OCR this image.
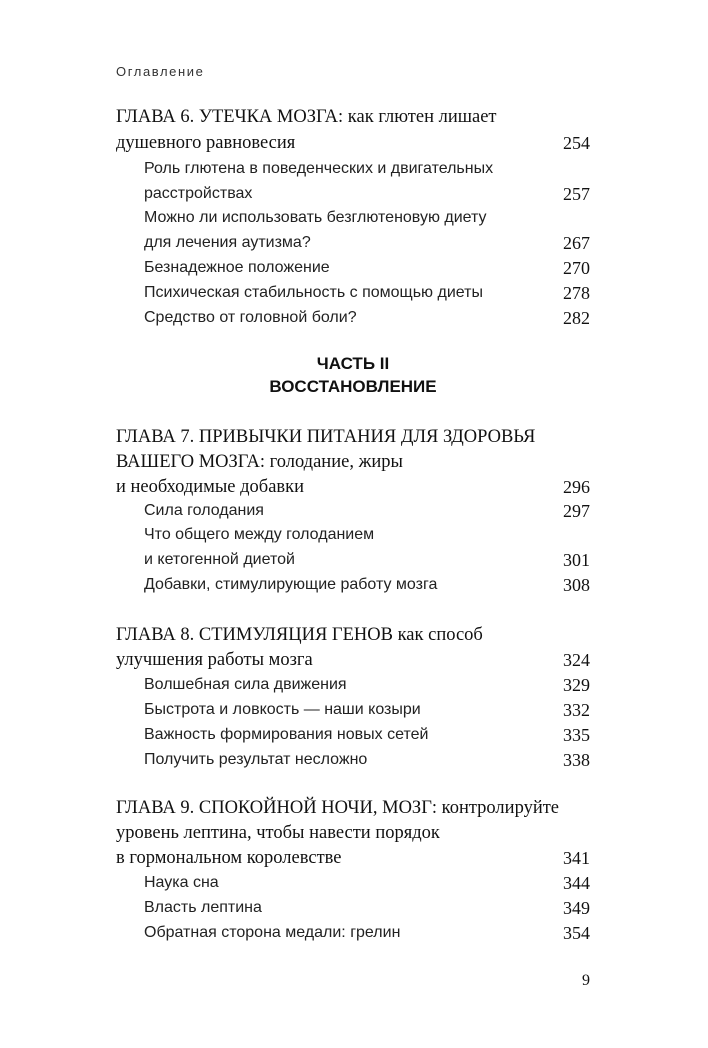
Оглавление
ГЛАВА 6. УТЕЧКА МОЗГА: как глютен лишает
душевного равновесия	254
Роль глютена в поведенческих и двигательных
расстройствах	257
Можно ли использовать безглютеновую диету
для лечения аутизма?	267
Безнадежное положение	270
Психическая стабильность с помощью диеты	278
Средство от головной боли?	282
ЧАСТЬ II
ВОССТАНОВЛЕНИЕ
ГЛАВА 7. ПРИВЫЧКИ ПИТАНИЯ ДЛЯ ЗДОРОВЬЯ
ВАШЕГО МОЗГА: голодание, жиры
и необходимые добавки	296
Сила голодания	297
Что общего между голоданием
и кетогенной диетой	301
Добавки, стимулирующие работу мозга	308
ГЛАВА 8. СТИМУЛЯЦИЯ ГЕНОВ как способ
улучшения работы мозга	324
Волшебная сила движения	329
Быстрота и ловкость — наши козыри	332
Важность формирования новых сетей	335
Получить результат несложно	338
ГЛАВА 9. СПОКОЙНОЙ НОЧИ, МОЗГ: контролируйте
уровень лептина, чтобы навести порядок
в гормональном королевстве	341
Наука сна	344
Власть лептина	349
Обратная сторона медали: грелин	354
9
